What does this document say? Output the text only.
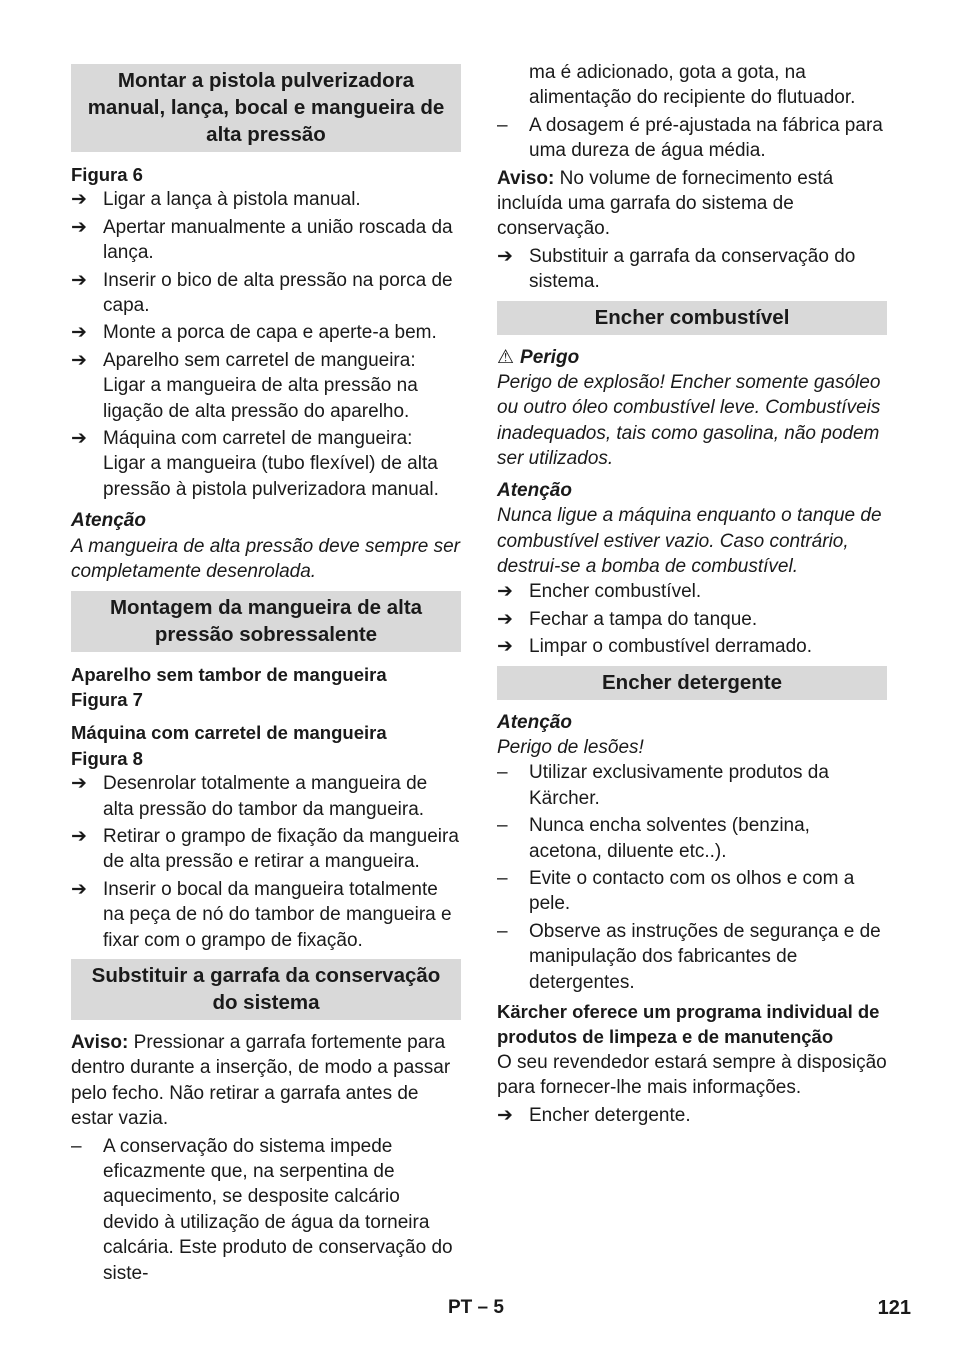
Montar a pistola pulverizadora manual, lança, bocal e mangueira de alta pressão
Figura 6
➔ Ligar a lança à pistola manual.
➔ Apertar manualmente a união roscada da lança.
➔ Inserir o bico de alta pressão na porca de capa.
➔ Monte a porca de capa e aperte-a bem.
➔ Aparelho sem carretel de mangueira:
Ligar a mangueira de alta pressão na ligação de alta pressão do aparelho.
➔ Máquina com carretel de mangueira:
Ligar a mangueira (tubo flexível) de alta pressão à pistola pulverizadora manual.
Atenção
A mangueira de alta pressão deve sempre ser completamente desenrolada.
Montagem da mangueira de alta pressão sobressalente
Aparelho sem tambor de mangueira
Figura 7
Máquina com carretel de mangueira
Figura 8
➔ Desenrolar totalmente a mangueira de alta pressão do tambor da mangueira.
➔ Retirar o grampo de fixação da mangueira de alta pressão e retirar a mangueira.
➔ Inserir o bocal da mangueira totalmente na peça de nó do tambor de mangueira e fixar com o grampo de fixação.
Substituir a garrafa da conservação do sistema
Aviso: Pressionar a garrafa fortemente para dentro durante a inserção, de modo a passar pelo fecho. Não retirar a garrafa antes de estar vazia.
– A conservação do sistema impede eficazmente que, na serpentina de aquecimento, se desposite calcário devido à utilização de água da torneira calcária. Este produto de conservação do siste-
ma é adicionado, gota a gota, na alimentação do recipiente do flutuador.
– A dosagem é pré-ajustada na fábrica para uma dureza de água média.
Aviso: No volume de fornecimento está incluída uma garrafa do sistema de conservação.
➔ Substituir a garrafa da conservação do sistema.
Encher combustível
⚠ Perigo
Perigo de explosão! Encher somente gasóleo ou outro óleo combustível leve. Combustíveis inadequados, tais como gasolina, não podem ser utilizados.
Atenção
Nunca ligue a máquina enquanto o tanque de combustível estiver vazio. Caso contrário, destrui-se a bomba de combustível.
➔ Encher combustível.
➔ Fechar a tampa do tanque.
➔ Limpar o combustível derramado.
Encher detergente
Atenção
Perigo de lesões!
– Utilizar exclusivamente produtos da Kärcher.
– Nunca encha solventes (benzina, acetona, diluente etc..).
– Evite o contacto com os olhos e com a pele.
– Observe as instruções de segurança e de manipulação dos fabricantes de detergentes.
Kärcher oferece um programa individual de produtos de limpeza e de manutenção
O seu revendedor estará sempre à disposição para fornecer-lhe mais informações.
➔ Encher detergente.
PT – 5	121
